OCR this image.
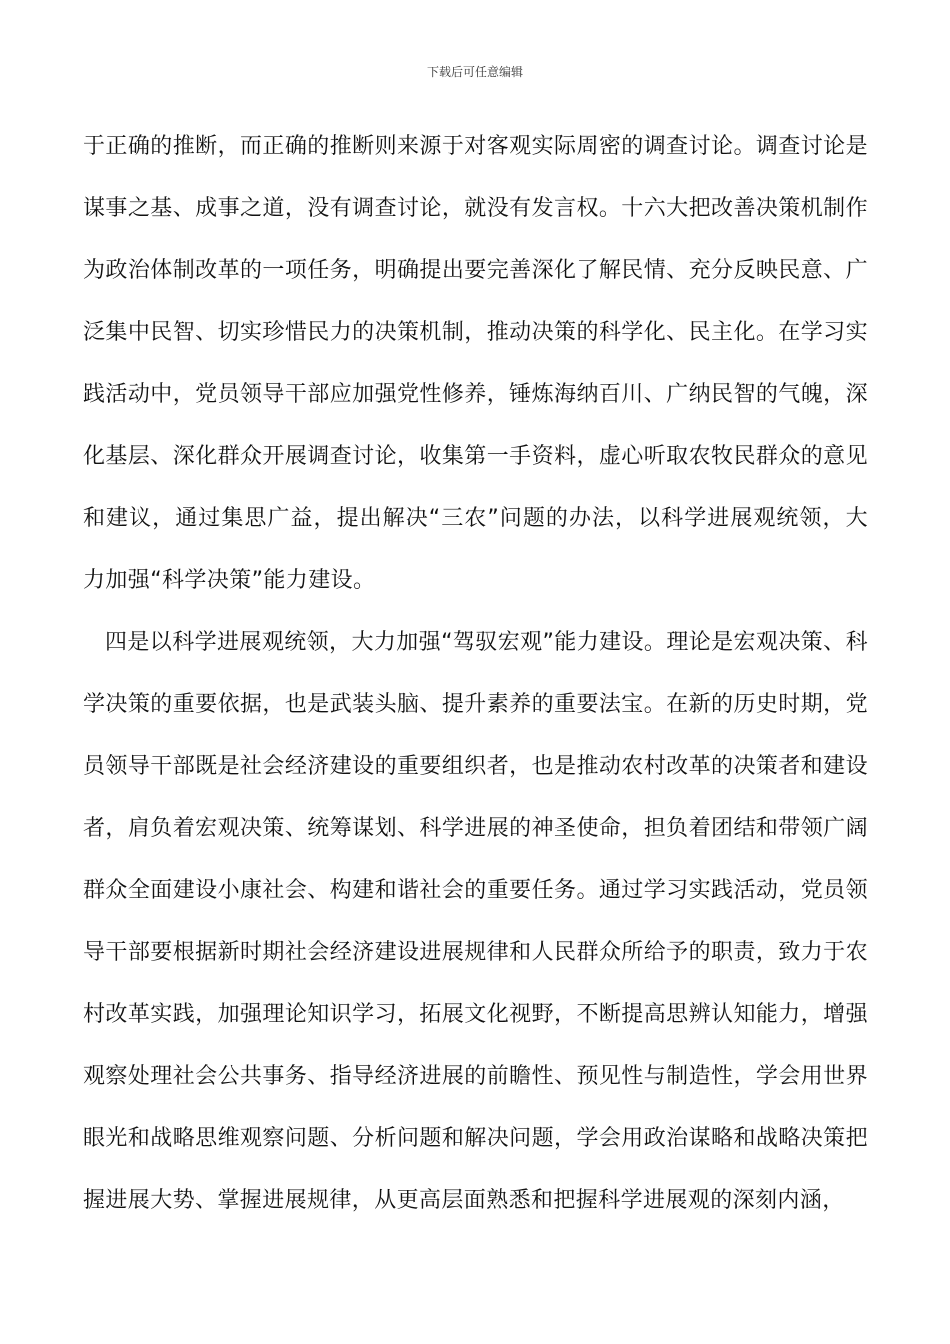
下载后可任意编辑

于正确的推断，而正确的推断则来源于对客观实际周密的调查讨论。调查讨论是谋事之基、成事之道，没有调查讨论，就没有发言权。十六大把改善决策机制作为政治体制改革的一项任务，明确提出要完善深化了解民情、充分反映民意、广泛集中民智、切实珍惜民力的决策机制，推动决策的科学化、民主化。在学习实践活动中，党员领导干部应加强党性修养，锤炼海纳百川、广纳民智的气魄，深化基层、深化群众开展调查讨论，收集第一手资料，虚心听取农牧民群众的意见和建议，通过集思广益，提出解决“三农”问题的办法，以科学进展观统领，大力加强“科学决策”能力建设。

四是以科学进展观统领，大力加强“驾驭宏观”能力建设。理论是宏观决策、科学决策的重要依据，也是武装头脑、提升素养的重要法宝。在新的历史时期，党员领导干部既是社会经济建设的重要组织者，也是推动农村改革的决策者和建设者，肩负着宏观决策、统筹谋划、科学进展的神圣使命，担负着团结和带领广阔群众全面建设小康社会、构建和谐社会的重要任务。通过学习实践活动，党员领导干部要根据新时期社会经济建设进展规律和人民群众所给予的职责，致力于农村改革实践，加强理论知识学习，拓展文化视野，不断提高思辨认知能力，增强观察处理社会公共事务、指导经济进展的前瞻性、预见性与制造性，学会用世界眼光和战略思维观察问题、分析问题和解决问题，学会用政治谋略和战略决策把握进展大势、掌握进展规律，从更高层面熟悉和把握科学进展观的深刻内涵，
